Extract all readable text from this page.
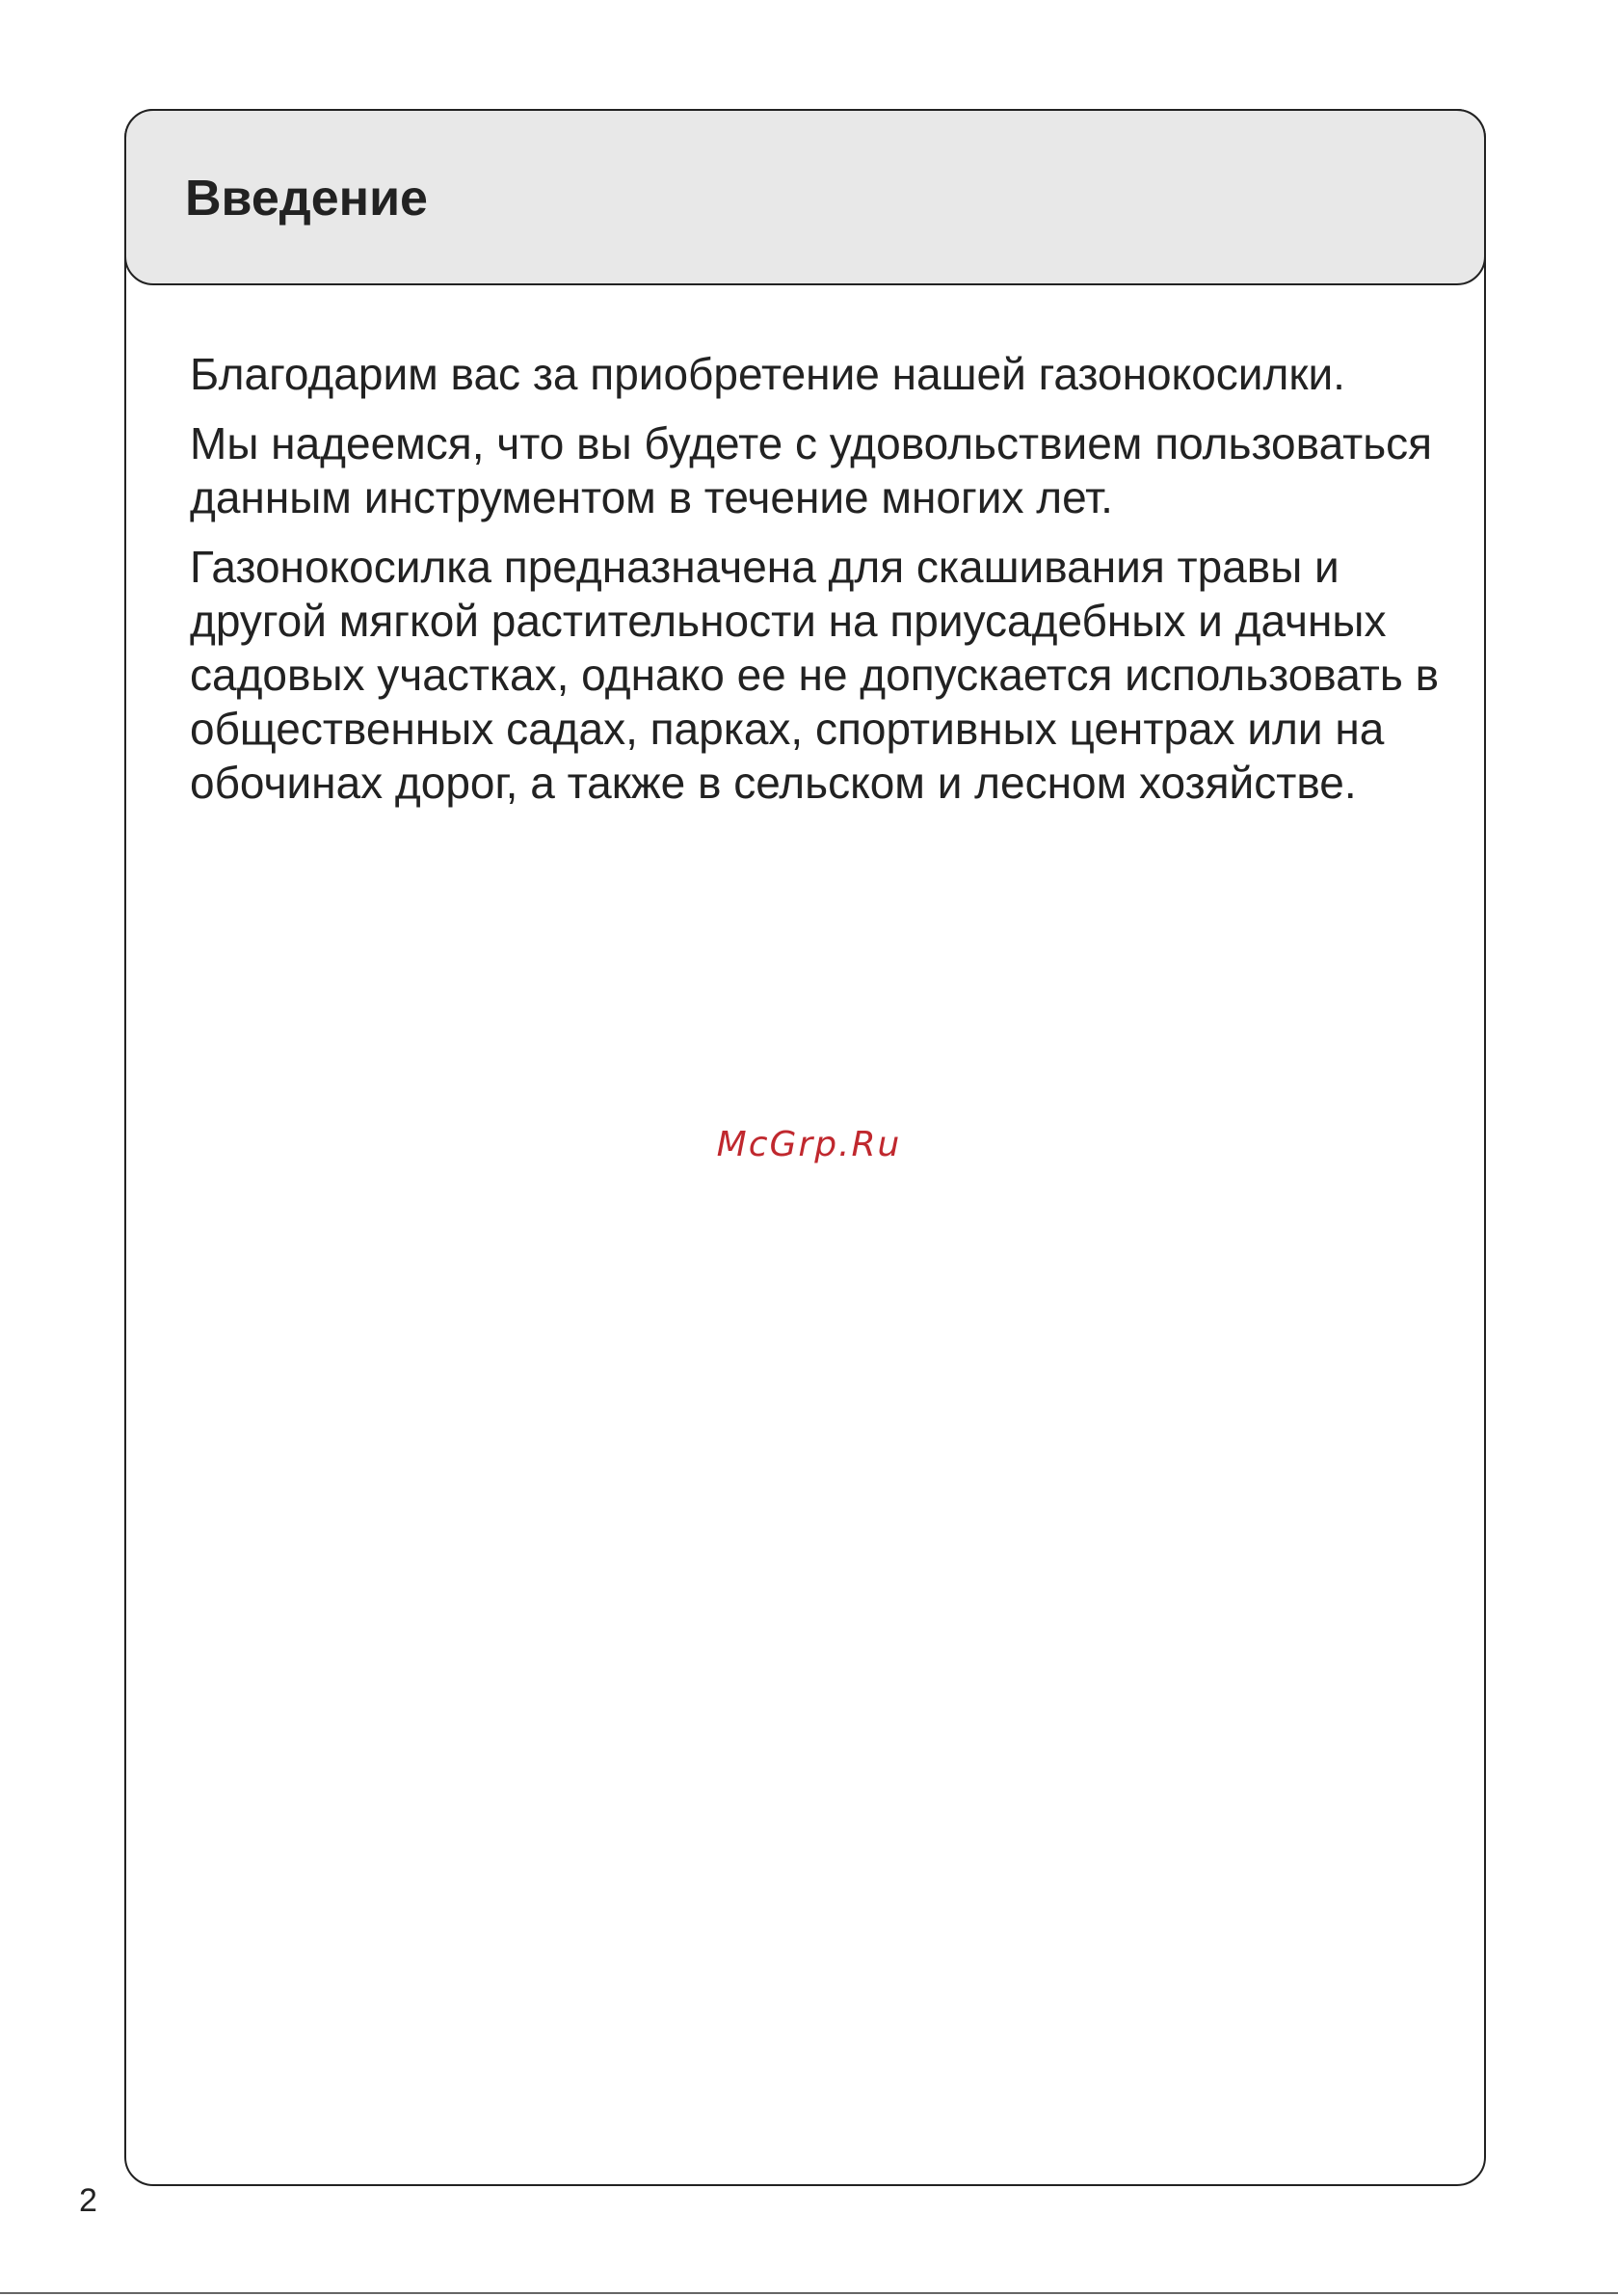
Введение

Благодарим вас за приобретение нашей газонокосилки.

Мы надеемся, что вы будете с удовольствием пользоваться данным инструментом в течение многих лет.

Газонокосилка предназначена для скашивания травы и другой мягкой растительности на приусадебных и дачных садовых участках, однако ее не допускается использовать в общественных садах, парках, спортивных центрах или на обочинах дорог, а также в сельском и лесном хозяйстве.

McGrp.Ru
2
